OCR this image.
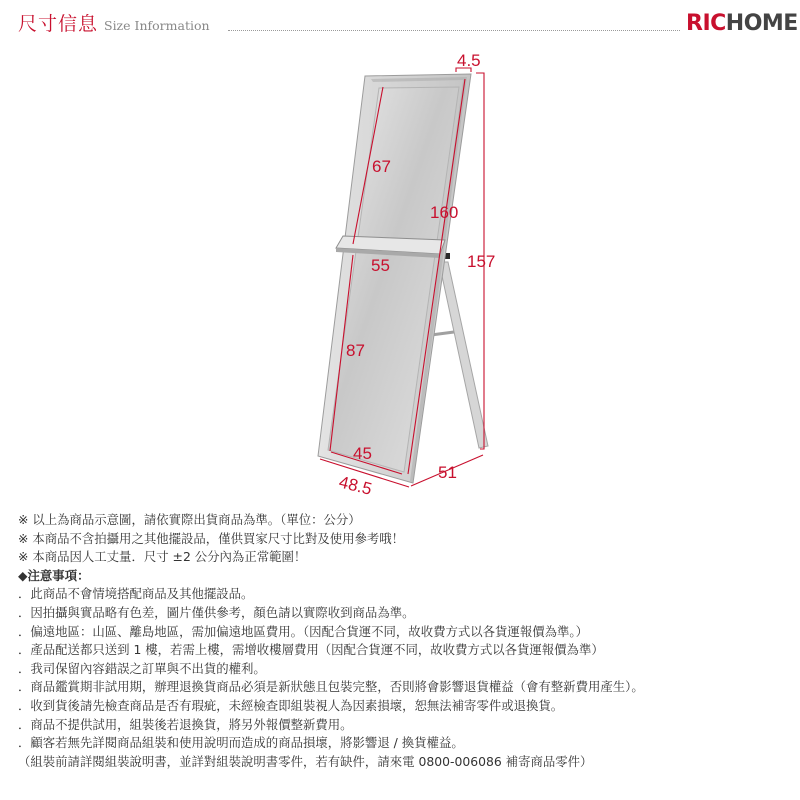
尺寸信息 Size Information	RICHOME
4.5
160
157
67
55
87
45
48.5	51
※ 以上為商品示意圖，請依實際出貨商品為準。（單位：公分）
※ 本商品不含拍攝用之其他擺設品，僅供買家尺寸比對及使用參考哦！
※ 本商品因人工丈量．尺寸 ±2 公分內為正常範圍！
◆注意事項：
．此商品不會情境搭配商品及其他擺設品。
．因拍攝與實品略有色差，圖片僅供參考，顏色請以實際收到商品為準。
．偏遠地區：山區、離島地區，需加偏遠地區費用。（因配合貨運不同，故收費方式以各貨運報價為準。）
．產品配送都只送到 1 樓，若需上樓，需增收樓層費用（因配合貨運不同，故收費方式以各貨運報價為準）
．我司保留內容錯誤之訂單與不出貨的權利。
．商品鑑賞期非試用期，辦理退換貨商品必須是新狀態且包裝完整，否則將會影響退貨權益（會有整新費用產生）。
．收到貨後請先檢查商品是否有瑕疵，未經檢查即組裝視人為因素損壞，恕無法補寄零件或退換貨。
．商品不提供試用，組裝後若退換貨，將另外報價整新費用。
．顧客若無先詳閱商品組裝和使用說明而造成的商品損壞，將影響退 / 換貨權益。
（組裝前請詳閱組裝說明書，並詳對組裝說明書零件，若有缺件，請來電 0800-006086 補寄商品零件）
